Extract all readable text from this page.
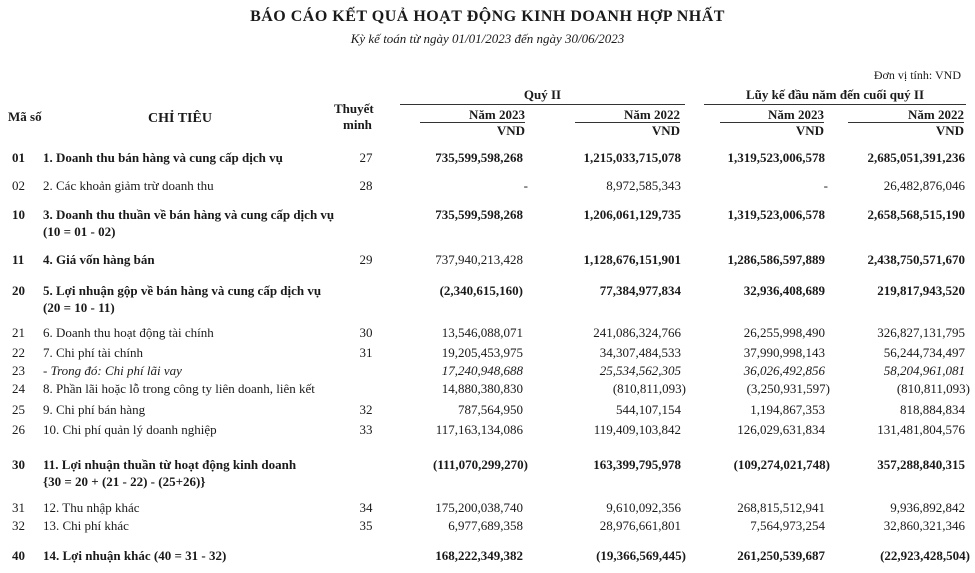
BÁO CÁO KẾT QUẢ HOẠT ĐỘNG KINH DOANH HỢP NHẤT
Kỳ kế toán từ ngày 01/01/2023 đến ngày 30/06/2023
Đơn vị tính: VND
Mã số	CHỈ TIÊU
Thuyết
minh
Quý II	Lũy kế đầu năm đến cuối quý II
Năm 2023	Năm 2022	Năm 2023	Năm 2022
VND	VND	VND	VND
01 1. Doanh thu bán hàng và cung cấp dịch vụ	27	735,599,598,268	1,215,033,715,078	1,319,523,006,578	2,685,051,391,236
02 2. Các khoản giảm trừ doanh thu	28	-	8,972,585,343	-	26,482,876,046
10 3. Doanh thu thuần về bán hàng và cung cấp dịch vụ
(10 = 01 - 02)
735,599,598,268	1,206,061,129,735	1,319,523,006,578	2,658,568,515,190
11 4. Giá vốn hàng bán	29	737,940,213,428	1,128,676,151,901	1,286,586,597,889	2,438,750,571,670
20 5. Lợi nhuận gộp về bán hàng và cung cấp dịch vụ
(20 = 10 - 11)
(2,340,615,160)	77,384,977,834	32,936,408,689	219,817,943,520
21 6. Doanh thu hoạt động tài chính	30	13,546,088,071	241,086,324,766	26,255,998,490	326,827,131,795
22 7. Chi phí tài chính	31	19,205,453,975	34,307,484,533	37,990,998,143	56,244,734,497
23 - Trong đó: Chi phí lãi vay	17,240,948,688	25,534,562,305	36,026,492,856	58,204,961,081
24 8. Phần lãi hoặc lỗ trong công ty liên doanh, liên kết	14,880,380,830	(810,811,093)	(3,250,931,597)	(810,811,093)
25 9. Chi phí bán hàng	32	787,564,950	544,107,154	1,194,867,353	818,884,834
26 10. Chi phí quản lý doanh nghiệp	33	117,163,134,086	119,409,103,842	126,029,631,834	131,481,804,576
30 11. Lợi nhuận thuần từ hoạt động kinh doanh
{30 = 20 + (21 - 22) - (25+26)}
(111,070,299,270)	163,399,795,978	(109,274,021,748)	357,288,840,315
31 12. Thu nhập khác	34	175,200,038,740	9,610,092,356	268,815,512,941	9,936,892,842
32 13. Chi phí khác	35	6,977,689,358	28,976,661,801	7,564,973,254	32,860,321,346
40 14. Lợi nhuận khác (40 = 31 - 32)	168,222,349,382	(19,366,569,445)	261,250,539,687	(22,923,428,504)
